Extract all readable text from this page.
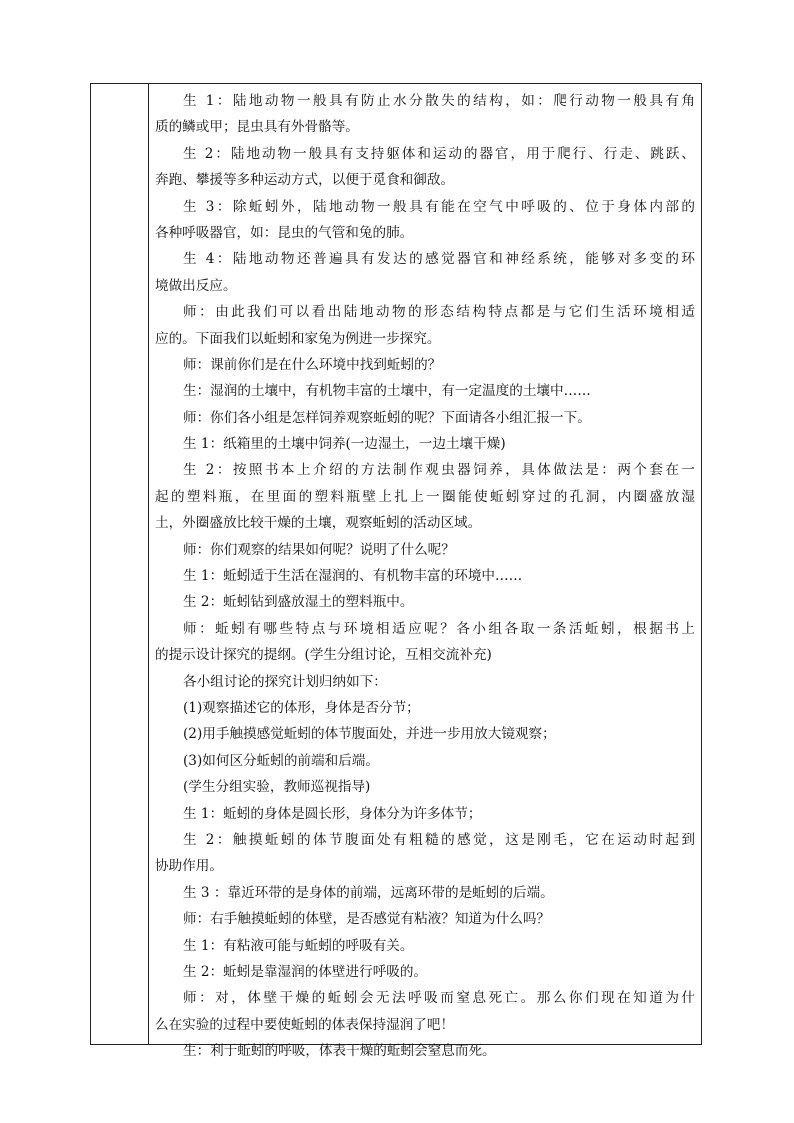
生 1：陆地动物一般具有防止水分散失的结构，如：爬行动物一般具有角
质的鳞或甲；昆虫具有外骨骼等。
生 2：陆地动物一般具有支持躯体和运动的器官，用于爬行、行走、跳跃、
奔跑、攀援等多种运动方式，以便于觅食和御敌。
生 3：除蚯蚓外，陆地动物一般具有能在空气中呼吸的、位于身体内部的
各种呼吸器官，如：昆虫的气管和兔的肺。
生 4：陆地动物还普遍具有发达的感觉器官和神经系统，能够对多变的环
境做出反应。
师：由此我们可以看出陆地动物的形态结构特点都是与它们生活环境相适
应的。下面我们以蚯蚓和家兔为例进一步探究。
师：课前你们是在什么环境中找到蚯蚓的？
生：湿润的土壤中，有机物丰富的土壤中，有一定温度的土壤中……
师：你们各小组是怎样饲养观察蚯蚓的呢？下面请各小组汇报一下。
生 1：纸箱里的土壤中饲养(一边湿土，一边土壤干燥)
生 2：按照书本上介绍的方法制作观虫器饲养，具体做法是：两个套在一
起的塑料瓶，在里面的塑料瓶壁上扎上一圈能使蚯蚓穿过的孔洞，内圈盛放湿
土，外圈盛放比较干燥的土壤，观察蚯蚓的活动区域。
师：你们观察的结果如何呢？说明了什么呢？
生 1：蚯蚓适于生活在湿润的、有机物丰富的环境中……
生 2：蚯蚓钻到盛放湿土的塑料瓶中。
师：蚯蚓有哪些特点与环境相适应呢？各小组各取一条活蚯蚓，根据书上
的提示设计探究的提纲。(学生分组讨论，互相交流补充)
各小组讨论的探究计划归纳如下：
(1)观察描述它的体形，身体是否分节；
(2)用手触摸感觉蚯蚓的体节腹面处，并进一步用放大镜观察；
(3)如何区分蚯蚓的前端和后端。
(学生分组实验，教师巡视指导)
生 1：蚯蚓的身体是圆长形，身体分为许多体节；
生 2：触摸蚯蚓的体节腹面处有粗糙的感觉，这是刚毛，它在运动时起到
协助作用。
生 3 ：靠近环带的是身体的前端，远离环带的是蚯蚓的后端。
师：右手触摸蚯蚓的体壁，是否感觉有粘液？知道为什么吗？
生 1：有粘液可能与蚯蚓的呼吸有关。
生 2：蚯蚓是靠湿润的体壁进行呼吸的。
师：对，体壁干燥的蚯蚓会无法呼吸而窒息死亡。那么你们现在知道为什
么在实验的过程中要使蚯蚓的体表保持湿润了吧！
生：利于蚯蚓的呼吸，体表干燥的蚯蚓会窒息而死。
